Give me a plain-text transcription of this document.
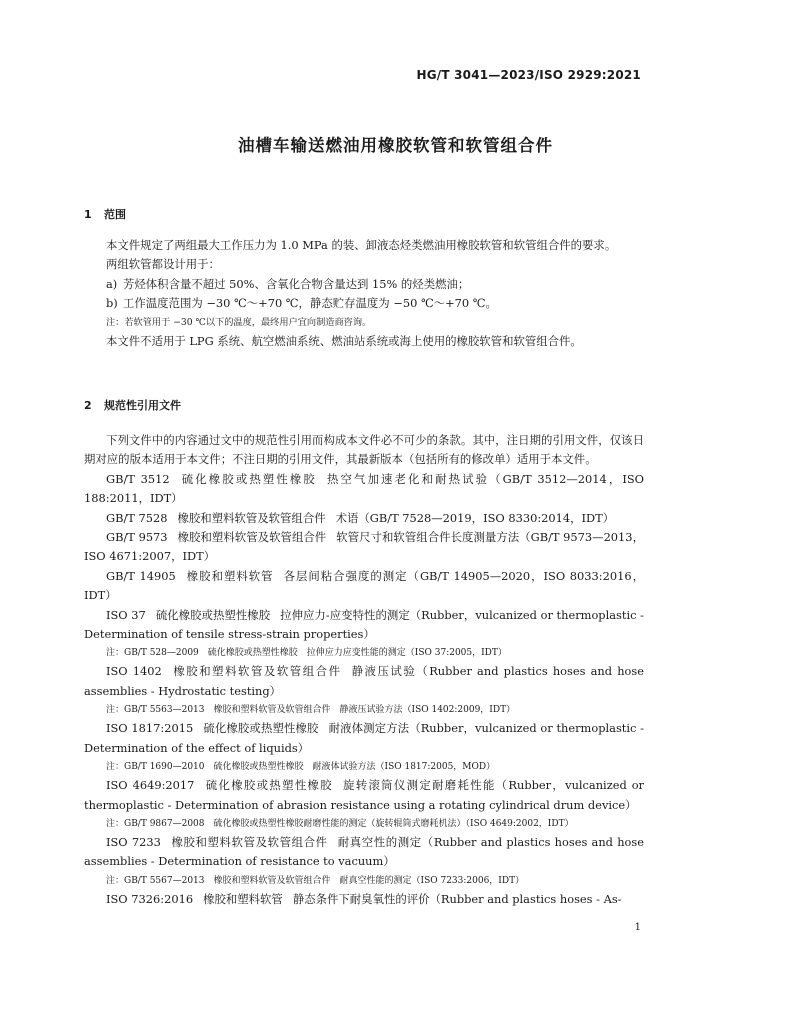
HG/T 3041—2023/ISO 2929:2021
油槽车输送燃油用橡胶软管和软管组合件
1 范围

本文件规定了两组最大工作压力为 1.0 MPa 的装、卸液态烃类燃油用橡胶软管和软管组合件的要求。

两组软管都设计用于：

a) 芳烃体积含量不超过 50%、含氧化合物含量达到 15% 的烃类燃油；

b) 工作温度范围为 −30 ℃～+70 ℃，静态贮存温度为 −50 ℃～+70 ℃。

注：若软管用于 −30 ℃以下的温度，最终用户宜向制造商咨询。

本文件不适用于 LPG 系统、航空燃油系统、燃油站系统或海上使用的橡胶软管和软管组合件。

2 规范性引用文件

下列文件中的内容通过文中的规范性引用而构成本文件必不可少的条款。其中，注日期的引用文件，仅该日期对应的版本适用于本文件；不注日期的引用文件，其最新版本（包括所有的修改单）适用于本文件。

GB/T 3512 硫化橡胶或热塑性橡胶 热空气加速老化和耐热试验（GB/T 3512—2014，ISO 188:2011，IDT）

GB/T 7528 橡胶和塑料软管及软管组合件 术语（GB/T 7528—2019，ISO 8330:2014，IDT）

GB/T 9573 橡胶和塑料软管及软管组合件 软管尺寸和软管组合件长度测量方法（GB/T 9573—2013，ISO 4671:2007，IDT）

GB/T 14905 橡胶和塑料软管 各层间粘合强度的测定（GB/T 14905—2020，ISO 8033:2016，IDT）

ISO 37 硫化橡胶或热塑性橡胶 拉伸应力-应变特性的测定（Rubber，vulcanized or thermoplastic - Determination of tensile stress-strain properties）

注：GB/T 528—2009　硫化橡胶或热塑性橡胶　拉伸应力应变性能的测定（ISO 37:2005，IDT）

ISO 1402 橡胶和塑料软管及软管组合件 静液压试验（Rubber and plastics hoses and hose assemblies - Hydrostatic testing）

注：GB/T 5563—2013　橡胶和塑料软管及软管组合件　静液压试验方法（ISO 1402:2009，IDT）

ISO 1817:2015 硫化橡胶或热塑性橡胶 耐液体测定方法（Rubber，vulcanized or thermoplastic - Determination of the effect of liquids）

注：GB/T 1690—2010　硫化橡胶或热塑性橡胶　耐液体试验方法（ISO 1817:2005，MOD）

ISO 4649:2017 硫化橡胶或热塑性橡胶 旋转滚筒仪测定耐磨耗性能（Rubber，vulcanized or thermoplastic - Determination of abrasion resistance using a rotating cylindrical drum device）

注：GB/T 9867—2008　硫化橡胶或热塑性橡胶耐磨性能的测定（旋转辊筒式磨耗机法）（ISO 4649:2002，IDT）

ISO 7233 橡胶和塑料软管及软管组合件 耐真空性的测定（Rubber and plastics hoses and hose assemblies - Determination of resistance to vacuum）

注：GB/T 5567—2013　橡胶和塑料软管及软管组合件　耐真空性能的测定（ISO 7233:2006，IDT）

ISO 7326:2016 橡胶和塑料软管 静态条件下耐臭氧性的评价（Rubber and plastics hoses - As-

1
